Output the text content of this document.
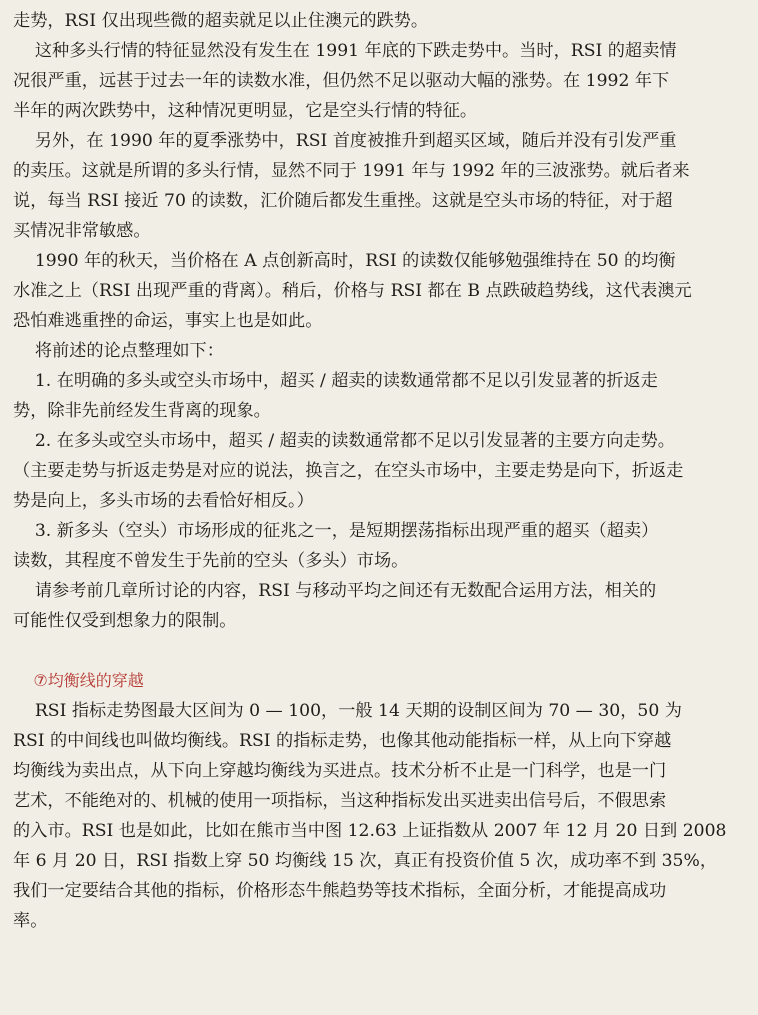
走势，RSI 仅出现些微的超卖就足以止住澳元的跌势。
这种多头行情的特征显然没有发生在 1991 年底的下跌走势中。当时，RSI 的超卖情
况很严重，远甚于过去一年的读数水准，但仍然不足以驱动大幅的涨势。在 1992 年下
半年的两次跌势中，这种情况更明显，它是空头行情的特征。
另外，在 1990 年的夏季涨势中，RSI 首度被推升到超买区域，随后并没有引发严重
的卖压。这就是所谓的多头行情，显然不同于 1991 年与 1992 年的三波涨势。就后者来
说，每当 RSI 接近 70 的读数，汇价随后都发生重挫。这就是空头市场的特征，对于超
买情况非常敏感。
1990 年的秋天，当价格在 A 点创新高时，RSI 的读数仅能够勉强维持在 50 的均衡
水准之上（RSI 出现严重的背离）。稍后，价格与 RSI 都在 B 点跌破趋势线，这代表澳元
恐怕难逃重挫的命运，事实上也是如此。
将前述的论点整理如下：
1. 在明确的多头或空头市场中，超买 / 超卖的读数通常都不足以引发显著的折返走
势，除非先前经发生背离的现象。
2. 在多头或空头市场中，超买 / 超卖的读数通常都不足以引发显著的主要方向走势。
（主要走势与折返走势是对应的说法，换言之，在空头市场中，主要走势是向下，折返走
势是向上，多头市场的去看恰好相反。）
3. 新多头（空头）市场形成的征兆之一，是短期摆荡指标出现严重的超买（超卖）
读数，其程度不曾发生于先前的空头（多头）市场。
请参考前几章所讨论的内容，RSI 与移动平均之间还有无数配合运用方法，相关的
可能性仅受到想象力的限制。
⑦均衡线的穿越
RSI 指标走势图最大区间为 0 — 100，一般 14 天期的设制区间为 70 — 30，50 为
RSI 的中间线也叫做均衡线。RSI 的指标走势，也像其他动能指标一样，从上向下穿越
均衡线为卖出点，从下向上穿越均衡线为买进点。技术分析不止是一门科学，也是一门
艺术，不能绝对的、机械的使用一项指标，当这种指标发出买进卖出信号后，不假思索
的入市。RSI 也是如此，比如在熊市当中图 12.63 上证指数从 2007 年 12 月 20 日到 2008
年 6 月 20 日，RSI 指数上穿 50 均衡线 15 次，真正有投资价值 5 次，成功率不到 35%，
我们一定要结合其他的指标，价格形态牛熊趋势等技术指标，全面分析，才能提高成功
率。
